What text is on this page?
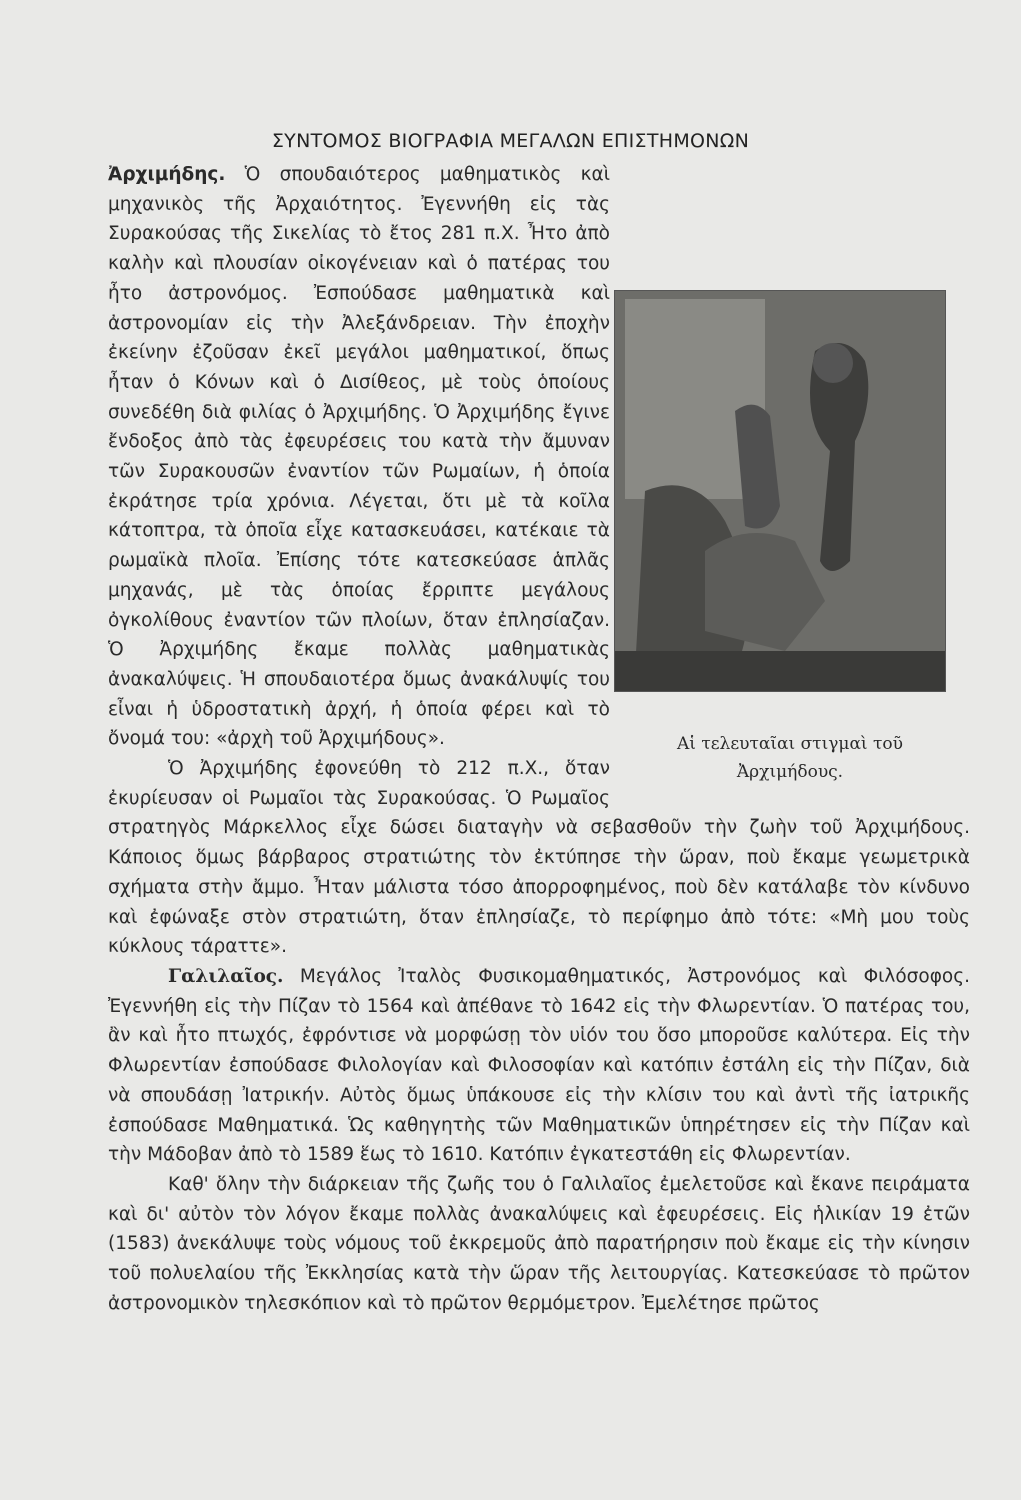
ΣΥΝΤΟΜΟΣ ΒΙΟΓΡΑΦΙΑ ΜΕΓΑΛΩΝ ΕΠΙΣΤΗΜΟΝΩΝ

Ἀρχιμήδης. Ὁ σπουδαιότερος μαθηματικὸς καὶ μηχανικὸς τῆς Ἀρχαιότητος. Ἐγεννήθη εἰς τὰς Συρακούσας τῆς Σικελίας τὸ ἔτος 281 π.Χ. Ἦτο ἀπὸ καλὴν καὶ πλουσίαν οἰκογένειαν καὶ ὁ πατέρας του ἦτο ἀστρονόμος. Ἐσπούδασε μαθηματικὰ καὶ ἀστρονομίαν εἰς τὴν Ἀλεξάνδρειαν. Τὴν ἐποχὴν ἐκείνην ἐζοῦσαν ἐκεῖ μεγάλοι μαθηματικοί, ὅπως ἦταν ὁ Κόνων καὶ ὁ Δισίθεος, μὲ τοὺς ὁποίους συνεδέθη διὰ φιλίας ὁ Ἀρχιμήδης. Ὁ Ἀρχιμήδης ἔγινε ἔνδοξος ἀπὸ τὰς ἐφευρέσεις του κατὰ τὴν ἄμυναν τῶν Συρακουσῶν ἐναντίον τῶν Ρωμαίων, ἡ ὁποία ἐκράτησε τρία χρόνια. Λέγεται, ὅτι μὲ τὰ κοῖλα κάτοπτρα, τὰ ὁποῖα εἶχε κατασκευάσει, κατέκαιε τὰ ρωμαϊκὰ πλοῖα. Ἐπίσης τότε κατεσκεύασε ἁπλᾶς μηχανάς, μὲ τὰς ὁποίας ἔρριπτε μεγάλους ὀγκολίθους ἐναντίον τῶν πλοίων, ὅταν ἐπλησίαζαν. Ὁ Ἀρχιμήδης ἔκαμε πολλὰς μαθηματικὰς ἀνακαλύψεις. Ἡ σπουδαιοτέρα ὅμως ἀνακάλυψίς του εἶναι ἡ ὑδροστατικὴ ἀρχή, ἡ ὁποία φέρει καὶ τὸ ὄνομά του: «ἀρχὴ τοῦ Ἀρχιμήδους».

Ὁ Ἀρχιμήδης ἐφονεύθη τὸ 212 π.Χ., ὅταν ἐκυρίευσαν οἱ Ρωμαῖοι τὰς Συρακούσας. Ὁ Ρωμαῖος στρατηγὸς Μάρκελλος εἶχε δώσει διαταγὴν νὰ σεβασθοῦν τὴν ζωὴν τοῦ Ἀρχιμήδους. Κάποιος ὅμως βάρβαρος στρατιώτης τὸν ἐκτύπησε τὴν ὥραν, ποὺ ἔκαμε γεωμετρικὰ σχήματα στὴν ἄμμο. Ἦταν μάλιστα τόσο ἀπορροφημένος, ποὺ δὲν κατάλαβε τὸν κίνδυνο καὶ ἐφώναξε στὸν στρατιώτη, ὅταν ἐπλησίαζε, τὸ περίφημο ἀπὸ τότε: «Μὴ μου τοὺς κύκλους τάραττε».

Γαλιλαῖος. Μεγάλος Ἰταλὸς Φυσικομαθηματικός, Ἀστρονόμος καὶ Φιλόσοφος. Ἐγεννήθη εἰς τὴν Πίζαν τὸ 1564 καὶ ἀπέθανε τὸ 1642 εἰς τὴν Φλωρεντίαν. Ὁ πατέρας του, ἂν καὶ ἦτο πτωχός, ἐφρόντισε νὰ μορφώσῃ τὸν υἱόν του ὅσο μποροῦσε καλύτερα. Εἰς τὴν Φλωρεντίαν ἐσπούδασε Φιλολογίαν καὶ Φιλοσοφίαν καὶ κατόπιν ἐστάλη εἰς τὴν Πίζαν, διὰ νὰ σπουδάσῃ Ἰατρικήν. Αὐτὸς ὅμως ὑπάκουσε εἰς τὴν κλίσιν του καὶ ἀντὶ τῆς ἰατρικῆς ἐσπούδασε Μαθηματικά. Ὡς καθηγητὴς τῶν Μαθηματικῶν ὑπηρέτησεν εἰς τὴν Πίζαν καὶ τὴν Μάδοβαν ἀπὸ τὸ 1589 ἕως τὸ 1610. Κατόπιν ἐγκατεστάθη εἰς Φλωρεντίαν.

Καθ' ὅλην τὴν διάρκειαν τῆς ζωῆς του ὁ Γαλιλαῖος ἐμελετοῦσε καὶ ἔκανε πειράματα καὶ δι' αὐτὸν τὸν λόγον ἔκαμε πολλὰς ἀνακαλύψεις καὶ ἐφευρέσεις. Εἰς ἡλικίαν 19 ἐτῶν (1583) ἀνεκάλυψε τοὺς νόμους τοῦ ἐκκρεμοῦς ἀπὸ παρατήρησιν ποὺ ἔκαμε εἰς τὴν κίνησιν τοῦ πολυελαίου τῆς Ἐκκλησίας κατὰ τὴν ὥραν τῆς λειτουργίας. Κατεσκεύασε τὸ πρῶτον ἀστρονομικὸν τηλεσκόπιον καὶ τὸ πρῶτον θερμόμετρον. Ἐμελέτησε πρῶτος

Αἱ τελευταῖαι στιγμαὶ τοῦ Ἀρχιμήδους.
